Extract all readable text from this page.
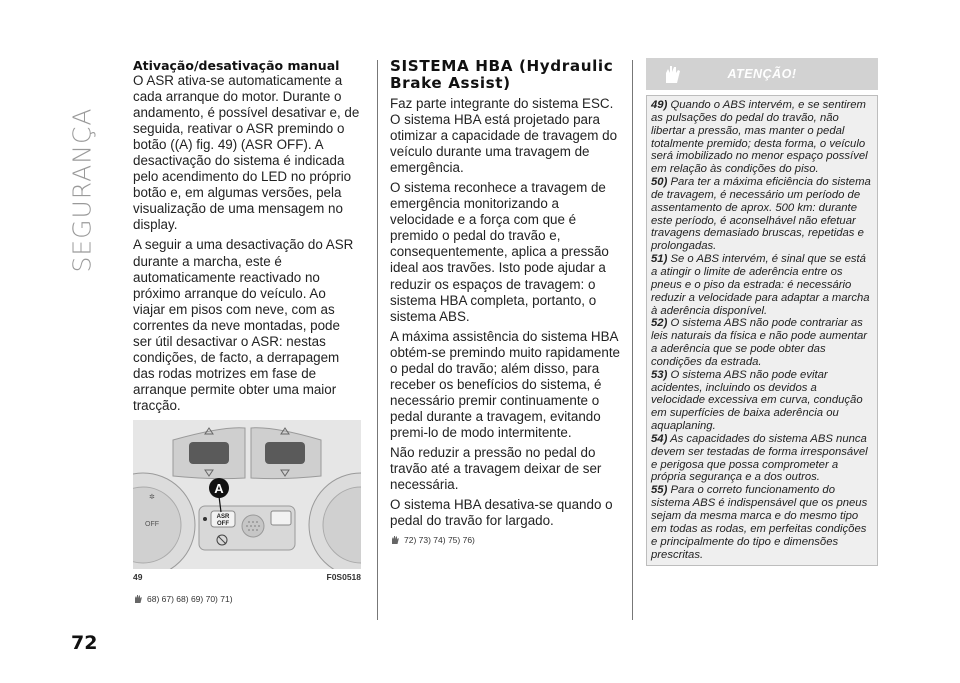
SEGURANÇA
72
Ativação/desativação manual
O ASR ativa-se automaticamente a cada arranque do motor. Durante o andamento, é possível desativar e, de seguida, reativar o ASR premindo o botão ((A) fig. 49) (ASR OFF). A desactivação do sistema é indicada pelo acendimento do LED no próprio botão e, em algumas versões, pela visualização de uma mensagem no display.
A seguir a uma desactivação do ASR durante a marcha, este é automaticamente reactivado no próximo arranque do veículo. Ao viajar em pisos com neve, com as correntes da neve montadas, pode ser útil desactivar o ASR: nestas condições, de facto, a derrapagem das rodas motrizes em fase de arranque permite obter uma maior tracção.
✲
OFF
ASR
OFF
A
49	F0S0518
68) 67) 68) 69) 70) 71)
SISTEMA HBA (Hydraulic
Brake Assist)
Faz parte integrante do sistema ESC. O sistema HBA está projetado para otimizar a capacidade de travagem do veículo durante uma travagem de emergência.
O sistema reconhece a travagem de emergência monitorizando a velocidade e a força com que é premido o pedal do travão e, consequentemente, aplica a pressão ideal aos travões. Isto pode ajudar a reduzir os espaços de travagem: o sistema HBA completa, portanto, o sistema ABS.
A máxima assistência do sistema HBA obtém-se premindo muito rapidamente o pedal do travão; além disso, para receber os benefícios do sistema, é necessário premir continuamente o pedal durante a travagem, evitando premi-lo de modo intermitente.
Não reduzir a pressão no pedal do travão até a travagem deixar de ser necessária.
O sistema HBA desativa-se quando o pedal do travão for largado.
72) 73) 74) 75) 76)
ATENÇÃO!
49) Quando o ABS intervém, e se sentirem as pulsações do pedal do travão, não libertar a pressão, mas manter o pedal totalmente premido; desta forma, o veículo será imobilizado no menor espaço possível em relação às condições do piso.
50) Para ter a máxima eficiência do sistema de travagem, é necessário um período de assentamento de aprox. 500 km: durante este período, é aconselhável não efetuar travagens demasiado bruscas, repetidas e prolongadas.
51) Se o ABS intervém, é sinal que se está a atingir o limite de aderência entre os pneus e o piso da estrada: é necessário reduzir a velocidade para adaptar a marcha à aderência disponível.
52) O sistema ABS não pode contrariar as leis naturais da física e não pode aumentar a aderência que se pode obter das condições da estrada.
53) O sistema ABS não pode evitar acidentes, incluindo os devidos a velocidade excessiva em curva, condução em superfícies de baixa aderência ou aquaplaning.
54) As capacidades do sistema ABS nunca devem ser testadas de forma irresponsável e perigosa que possa comprometer a própria segurança e a dos outros.
55) Para o correto funcionamento do sistema ABS é indispensável que os pneus sejam da mesma marca e do mesmo tipo em todas as rodas, em perfeitas condições e principalmente do tipo e dimensões prescritas.
